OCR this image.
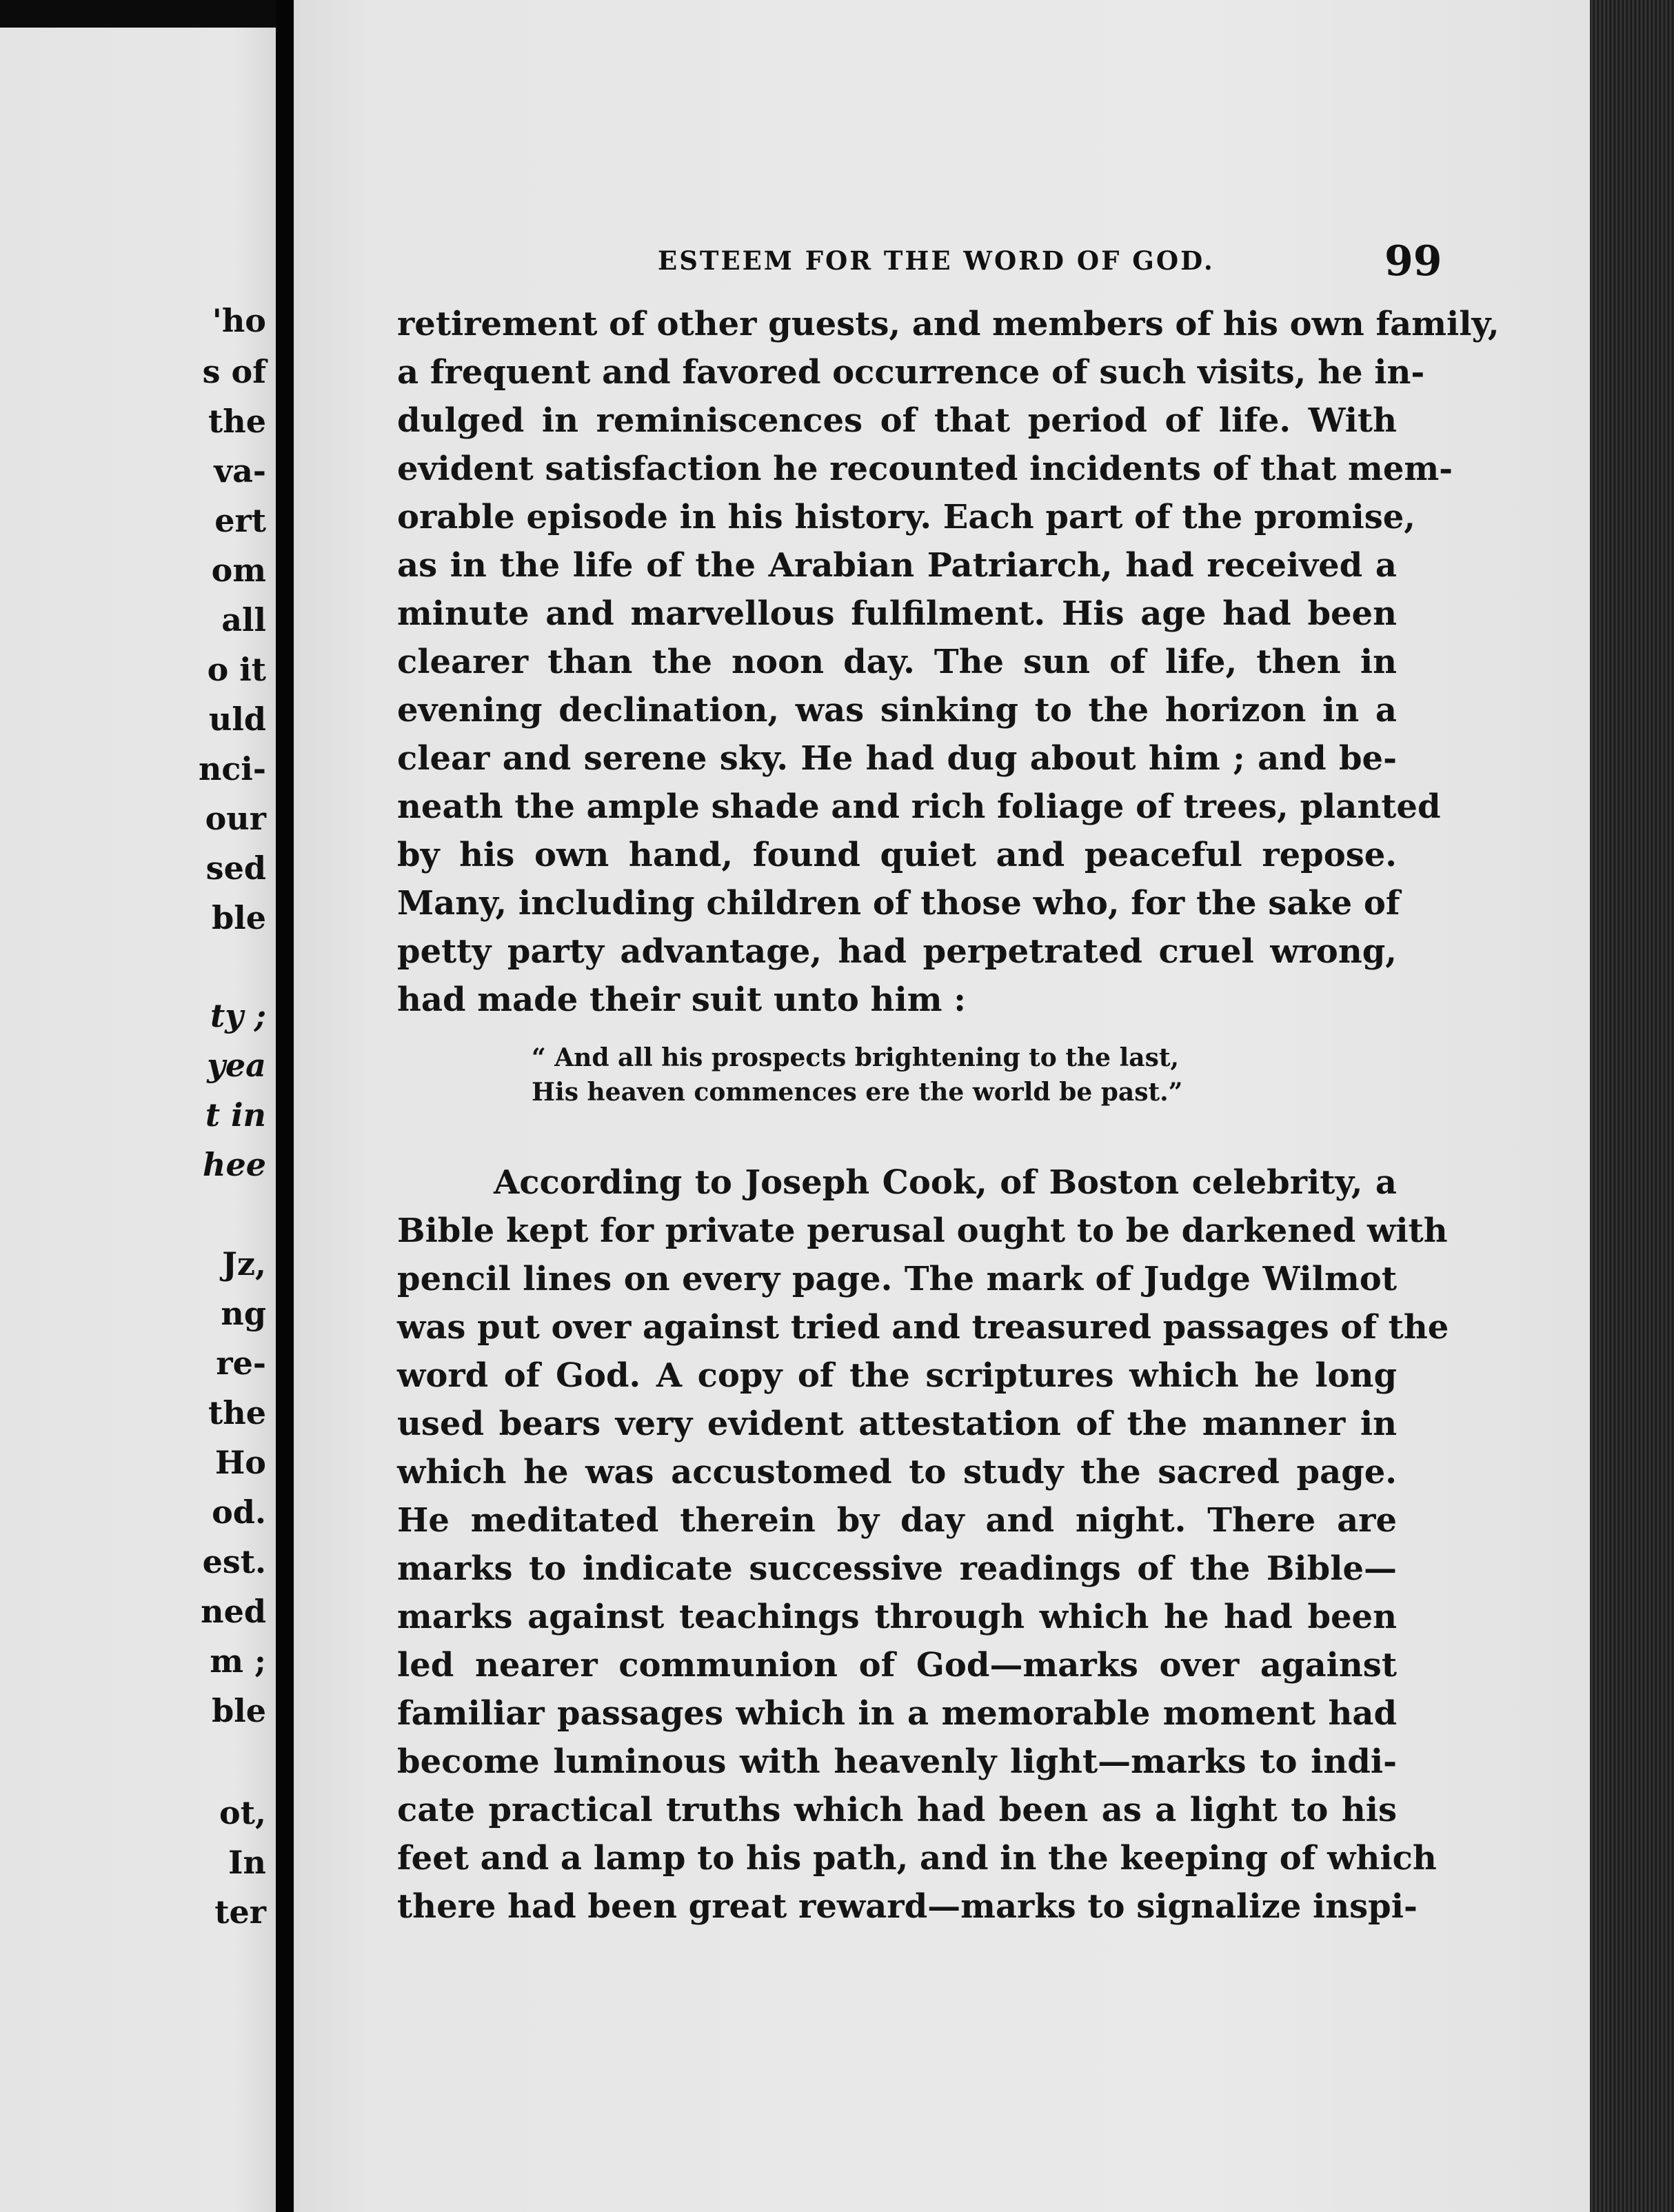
'ho
s of
the
va-
ert
om
all
o it
uld
nci-
our
sed
ble
ty ;
yea
t in
hee
Jz,
ng
re-
the
Ho
od.
est.
ned
m ;
ble
ot,
In
ter
ESTEEM FOR THE WORD OF GOD.	99
retirement of other guests, and members of his own family,
a frequent and favored occurrence of such visits, he in-
dulged in reminiscences of that period of life. With
evident satisfaction he recounted incidents of that mem-
orable episode in his history. Each part of the promise,
as in the life of the Arabian Patriarch, had received a
minute and marvellous fulfilment. His age had been
clearer than the noon day. The sun of life, then in
evening declination, was sinking to the horizon in a
clear and serene sky. He had dug about him ; and be-
neath the ample shade and rich foliage of trees, planted
by his own hand, found quiet and peaceful repose.
Many, including children of those who, for the sake of
petty party advantage, had perpetrated cruel wrong,
had made their suit unto him :
“ And all his prospects brightening to the last,
His heaven commences ere the world be past.”
According to Joseph Cook, of Boston celebrity, a
Bible kept for private perusal ought to be darkened with
pencil lines on every page. The mark of Judge Wilmot
was put over against tried and treasured passages of the
word of God. A copy of the scriptures which he long
used bears very evident attestation of the manner in
which he was accustomed to study the sacred page.
He meditated therein by day and night. There are
marks to indicate successive readings of the Bible—
marks against teachings through which he had been
led nearer communion of God—marks over against
familiar passages which in a memorable moment had
become luminous with heavenly light—marks to indi-
cate practical truths which had been as a light to his
feet and a lamp to his path, and in the keeping of which
there had been great reward—marks to signalize inspi-
